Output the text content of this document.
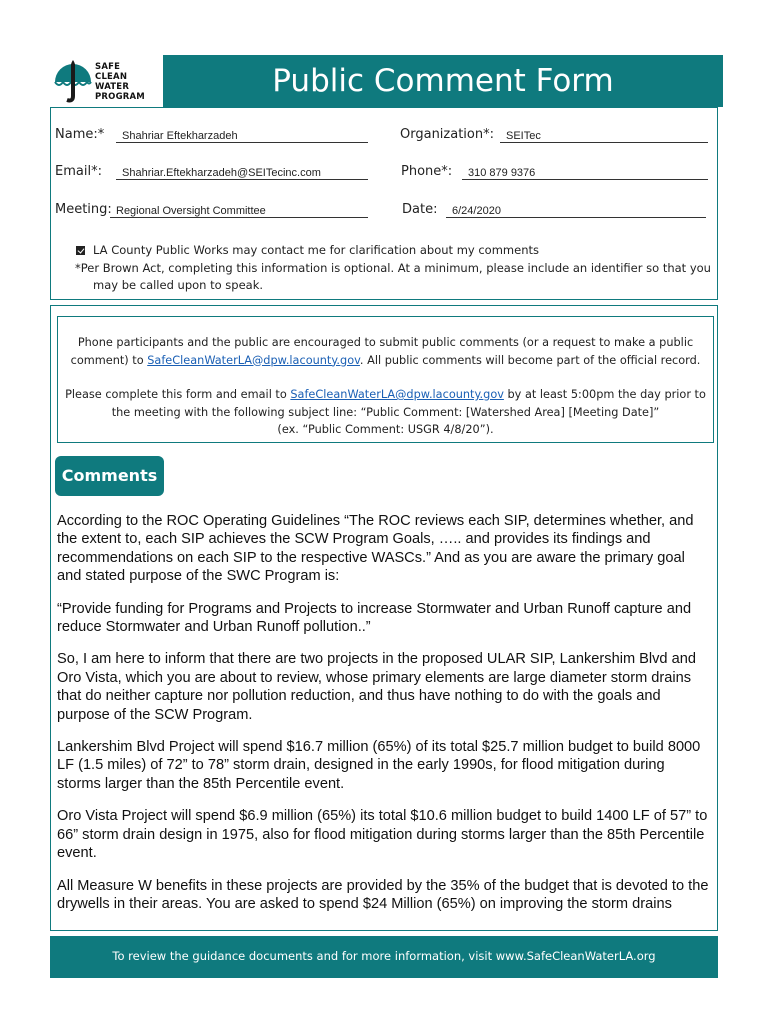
SAFE
CLEAN
WATER
PROGRAM	Public Comment Form
Name:*	Shahriar Eftekharzadeh	Organization*:	SEITec
Email*:	Shahriar.Eftekharzadeh@SEITecinc.com	Phone*:	310 879 9376
Meeting: Regional Oversight Committee	Date:	6/24/2020
LA County Public Works may contact me for clarification about my comments
*Per Brown Act, completing this information is optional. At a minimum, please include an identifier so that you
may be called upon to speak.
Phone participants and the public are encouraged to submit public comments (or a request to make a public
comment) to SafeCleanWaterLA@dpw.lacounty.gov. All public comments will become part of the official record.
Please complete this form and email to SafeCleanWaterLA@dpw.lacounty.gov by at least 5:00pm the day prior to
the meeting with the following subject line: “Public Comment: [Watershed Area] [Meeting Date]”
(ex. “Public Comment: USGR 4/8/20”).
Comments

According to the ROC Operating Guidelines “The ROC reviews each SIP, determines whether, and the extent to, each SIP achieves the SCW Program Goals, ….. and provides its findings and recommendations on each SIP to the respective WASCs.” And as you are aware the primary goal and stated purpose of the SWC Program is:

“Provide funding for Programs and Projects to increase Stormwater and Urban Runoff capture and reduce Stormwater and Urban Runoff pollution..”

So, I am here to inform that there are two projects in the proposed ULAR SIP, Lankershim Blvd and Oro Vista, which you are about to review, whose primary elements are large diameter storm drains that do neither capture nor pollution reduction, and thus have nothing to do with the goals and purpose of the SCW Program.

Lankershim Blvd Project will spend $16.7 million (65%) of its total $25.7 million budget to build 8000 LF (1.5 miles) of 72” to 78” storm drain, designed in the early 1990s, for flood mitigation during storms larger than the 85th Percentile event.

Oro Vista Project will spend $6.9 million (65%) its total $10.6 million budget to build 1400 LF of 57” to 66” storm drain design in 1975, also for flood mitigation during storms larger than the 85th Percentile event.

All Measure W benefits in these projects are provided by the 35% of the budget that is devoted to the drywells in their areas. You are asked to spend $24 Million (65%) on improving the storm drains

To review the guidance documents and for more information, visit www.SafeCleanWaterLA.org
